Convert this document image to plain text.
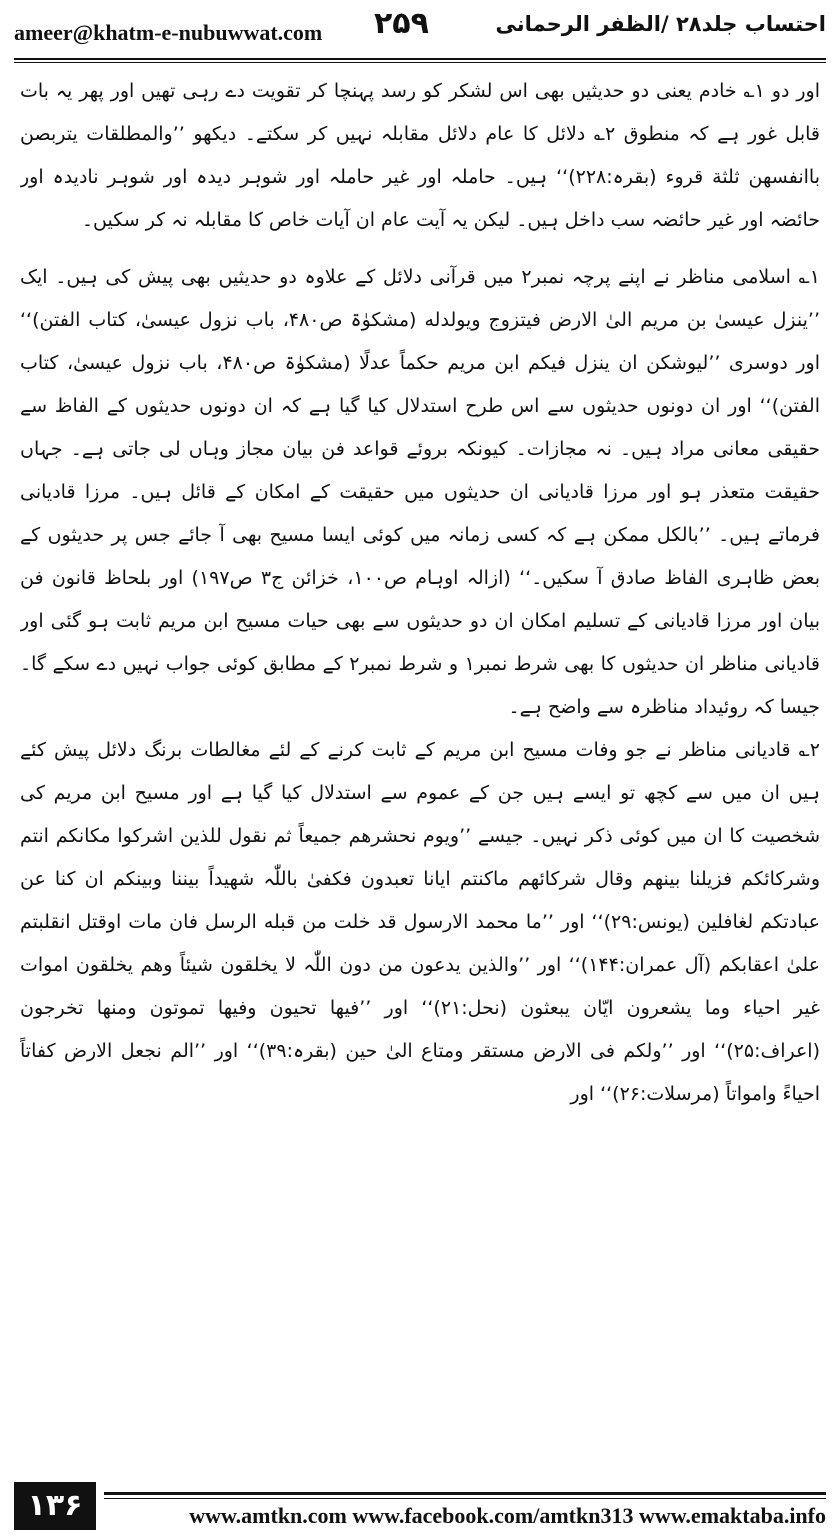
ameer@khatm-e-nubuwwat.com ۲۵۹	احتساب جلد۲۸ /الظفر الرحمانی

اور دو ۱؎ خادم یعنی دو حدیثیں بھی اس لشکر کو رسد پہنچا کر تقویت دے رہی تھیں اور پھر یہ بات قابل غور ہے کہ منطوق ۲؎ دلائل کا عام دلائل مقابلہ نہیں کر سکتے۔ دیکھو ’’والمطلقات یتربصن باانفسھن ثلثة قروء (بقرہ:۲۲۸)‘‘ ہیں۔ حاملہ اور غیر حاملہ اور شوہر دیدہ اور شوہر نادیدہ اور حائضہ اور غیر حائضہ سب داخل ہیں۔ لیکن یہ آیت عام ان آیات خاص کا مقابلہ نہ کر سکیں۔

۱؎ اسلامی مناظر نے اپنے پرچہ نمبر۲ میں قرآنی دلائل کے علاوہ دو حدیثیں بھی پیش کی ہیں۔ ایک ’’ینزل عیسیٰ بن مریم الیٰ الارض فیتزوج ویولدله (مشکوٰۃ ص۴۸۰، باب نزول عیسیٰ، کتاب الفتن)‘‘ اور دوسری ’’لیوشکن ان ینزل فیکم ابن مریم حکماً عدلًا (مشکوٰۃ ص۴۸۰، باب نزول عیسیٰ، کتاب الفتن)‘‘ اور ان دونوں حدیثوں سے اس طرح استدلال کیا گیا ہے کہ ان دونوں حدیثوں کے الفاظ سے حقیقی معانی مراد ہیں۔ نہ مجازات۔ کیونکہ بروئے قواعد فن بیان مجاز وہاں لی جاتی ہے۔ جہاں حقیقت متعذر ہو اور مرزا قادیانی ان حدیثوں میں حقیقت کے امکان کے قائل ہیں۔ مرزا قادیانی فرماتے ہیں۔ ’’بالکل ممکن ہے کہ کسی زمانہ میں کوئی ایسا مسیح بھی آ جائے جس پر حدیثوں کے بعض ظاہری الفاظ صادق آ سکیں۔‘‘ (ازالہ اوہام ص۱۰۰، خزائن ج۳ ص۱۹۷) اور بلحاظ قانون فن بیان اور مرزا قادیانی کے تسلیم امکان ان دو حدیثوں سے بھی حیات مسیح ابن مریم ثابت ہو گئی اور قادیانی مناظر ان حدیثوں کا بھی شرط نمبر۱ و شرط نمبر۲ کے مطابق کوئی جواب نہیں دے سکے گا۔ جیسا کہ روئیداد مناظرہ سے واضح ہے۔

۲؎ قادیانی مناظر نے جو وفات مسیح ابن مریم کے ثابت کرنے کے لئے مغالطات برنگ دلائل پیش کئے ہیں ان میں سے کچھ تو ایسے ہیں جن کے عموم سے استدلال کیا گیا ہے اور مسیح ابن مریم کی شخصیت کا ان میں کوئی ذکر نہیں۔ جیسے ’’ویوم نحشرھم جمیعاً ثم نقول للذین اشرکوا مکانکم انتم وشرکائکم فزیلنا بینھم وقال شرکائھم ماکنتم ایانا تعبدون فکفیٰ باللّٰہ شھیداً بیننا وبینکم ان کنا عن عبادتکم لغافلین (یونس:۲۹)‘‘ اور ’’ما محمد الارسول قد خلت من قبله الرسل فان مات اوقتل انقلبتم علیٰ اعقابکم (آل عمران:۱۴۴)‘‘ اور ’’والذین یدعون من دون اللّٰہ لا یخلقون شیئاً وھم یخلقون اموات غیر احیاء وما یشعرون ایّان یبعثون (نحل:۲۱)‘‘ اور ’’فیھا تحیون وفیھا تموتون ومنھا تخرجون (اعراف:۲۵)‘‘ اور ’’ولکم فی الارض مستقر ومتاع الیٰ حین (بقرہ:۳۹)‘‘ اور ’’الم نجعل الارض کفاتاً احیاءً وامواتاً (مرسلات:۲۶)‘‘ اور

۱۳۶	www.amtkn.com www.facebook.com/amtkn313 www.emaktaba.info
